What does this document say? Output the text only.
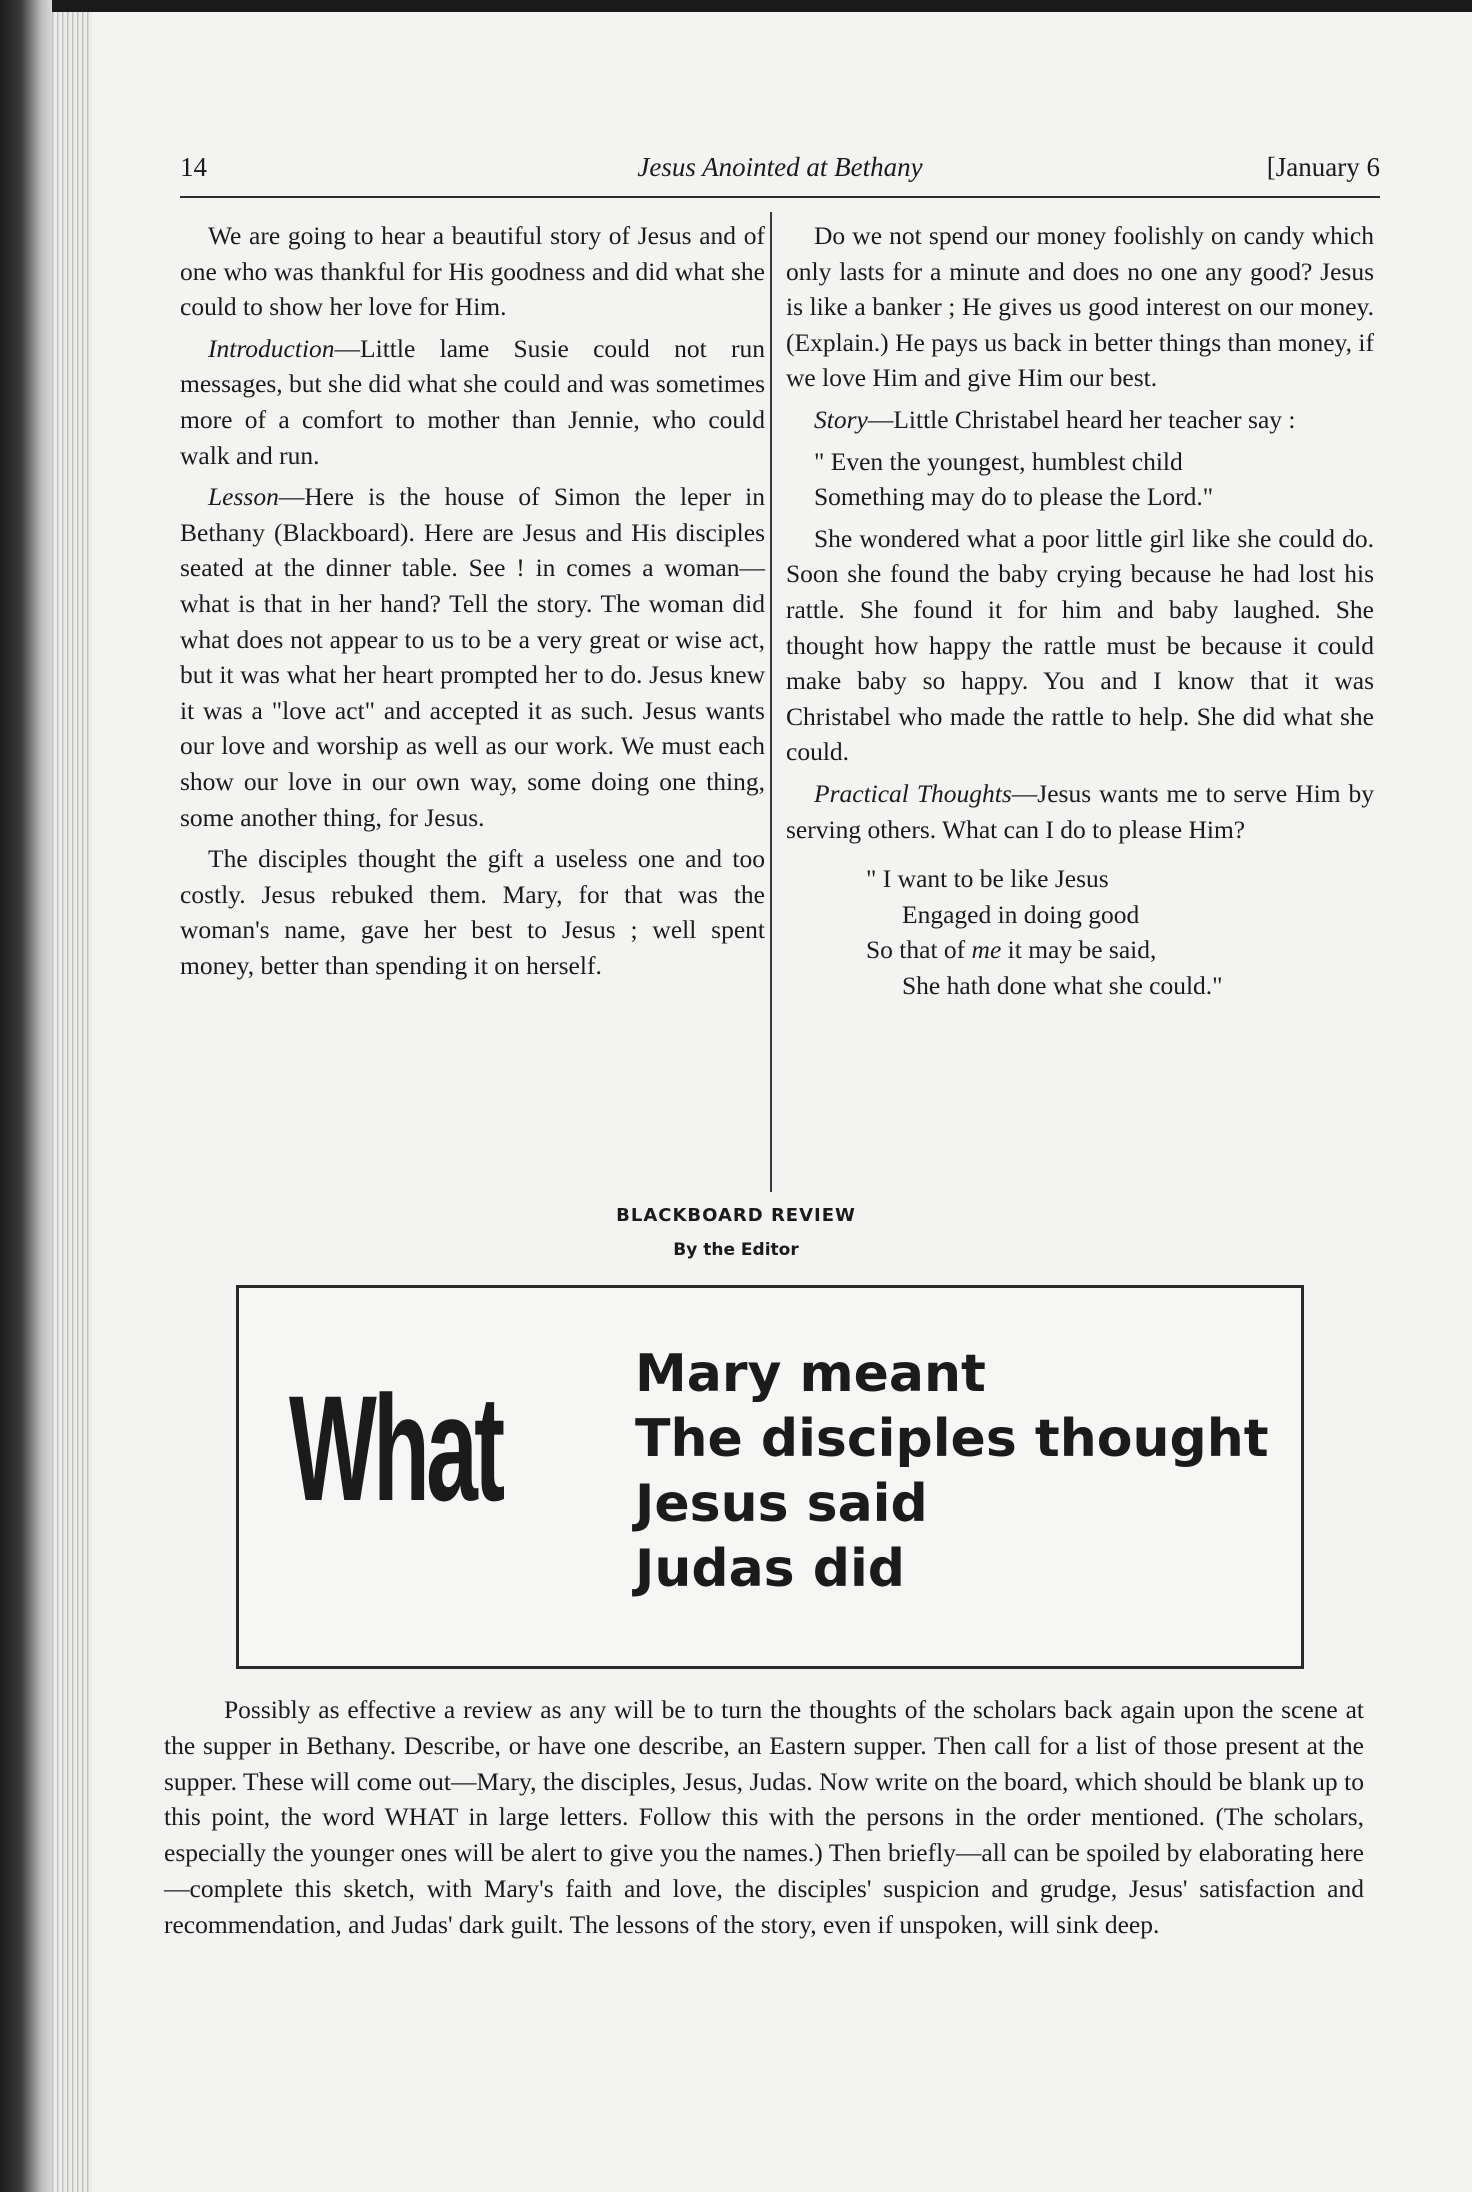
14	Jesus Anointed at Bethany	[January 6

We are going to hear a beautiful story of Jesus and of one who was thankful for His goodness and did what she could to show her love for Him.

Introduction—Little lame Susie could not run messages, but she did what she could and was sometimes more of a comfort to mother than Jennie, who could walk and run.

Lesson—Here is the house of Simon the leper in Bethany (Blackboard). Here are Jesus and His disciples seated at the dinner table. See ! in comes a woman—what is that in her hand? Tell the story. The woman did what does not appear to us to be a very great or wise act, but it was what her heart prompted her to do. Jesus knew it was a "love act" and accepted it as such. Jesus wants our love and worship as well as our work. We must each show our love in our own way, some doing one thing, some another thing, for Jesus.

The disciples thought the gift a useless one and too costly. Jesus rebuked them. Mary, for that was the woman's name, gave her best to Jesus ; well spent money, better than spending it on herself.

Do we not spend our money foolishly on candy which only lasts for a minute and does no one any good? Jesus is like a banker ; He gives us good interest on our money. (Explain.) He pays us back in better things than money, if we love Him and give Him our best.

Story—Little Christabel heard her teacher say :

" Even the youngest, humblest child
Something may do to please the Lord."

She wondered what a poor little girl like she could do. Soon she found the baby crying because he had lost his rattle. She found it for him and baby laughed. She thought how happy the rattle must be because it could make baby so happy. You and I know that it was Christabel who made the rattle to help. She did what she could.

Practical Thoughts—Jesus wants me to serve Him by serving others. What can I do to please Him?

" I want to be like Jesus
Engaged in doing good
So that of me it may be said,
She hath done what she could."
BLACKBOARD REVIEW
By the Editor
What	Mary meant
The disciples thought
Jesus said
Judas did

Possibly as effective a review as any will be to turn the thoughts of the scholars back again upon the scene at the supper in Bethany. Describe, or have one describe, an Eastern supper. Then call for a list of those present at the supper. These will come out—Mary, the disciples, Jesus, Judas. Now write on the board, which should be blank up to this point, the word WHAT in large letters. Follow this with the persons in the order mentioned. (The scholars, especially the younger ones will be alert to give you the names.) Then briefly—all can be spoiled by elaborating here—complete this sketch, with Mary's faith and love, the disciples' suspicion and grudge, Jesus' satisfaction and recommendation, and Judas' dark guilt. The lessons of the story, even if unspoken, will sink deep.
